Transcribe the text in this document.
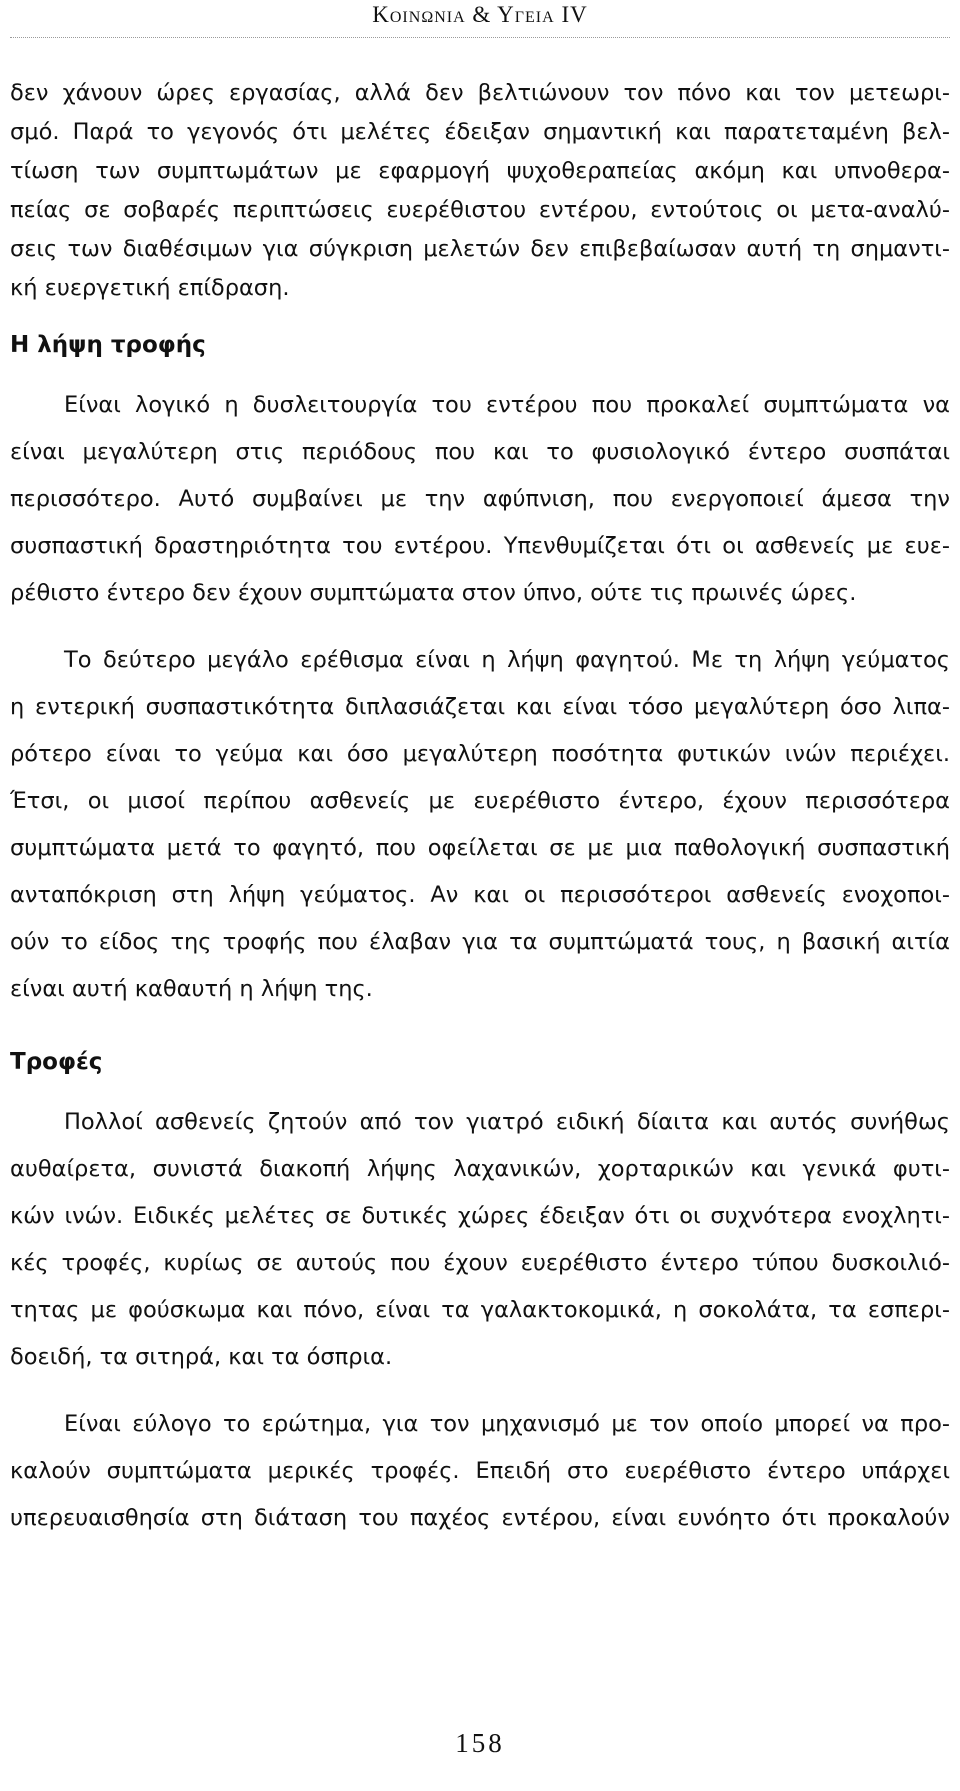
Κοινωνια & Υγεια IV
δεν χάνουν ώρες εργασίας, αλλά δεν βελτιώνουν τον πόνο και τον μετεωρι-
σμό. Παρά το γεγονός ότι μελέτες έδειξαν σημαντική και παρατεταμένη βελ-
τίωση των συμπτωμάτων με εφαρμογή ψυχοθεραπείας ακόμη και υπνοθερα-
πείας σε σοβαρές περιπτώσεις ευερέθιστου εντέρου, εντούτοις οι μετα-αναλύ-
σεις των διαθέσιμων για σύγκριση μελετών δεν επιβεβαίωσαν αυτή τη σημαντι-
κή ευεργετική επίδραση.
Η λήψη τροφής
Είναι λογικό η δυσλειτουργία του εντέρου που προκαλεί συμπτώματα να
είναι μεγαλύτερη στις περιόδους που και το φυσιολογικό έντερο συσπάται
περισσότερο. Αυτό συμβαίνει με την αφύπνιση, που ενεργοποιεί άμεσα την
συσπαστική δραστηριότητα του εντέρου. Υπενθυμίζεται ότι οι ασθενείς με ευε-
ρέθιστο έντερο δεν έχουν συμπτώματα στον ύπνο, ούτε τις πρωινές ώρες.
Το δεύτερο μεγάλο ερέθισμα είναι η λήψη φαγητού. Με τη λήψη γεύματος
η εντερική συσπαστικότητα διπλασιάζεται και είναι τόσο μεγαλύτερη όσο λιπα-
ρότερο είναι το γεύμα και όσο μεγαλύτερη ποσότητα φυτικών ινών περιέχει.
Έτσι, οι μισοί περίπου ασθενείς με ευερέθιστο έντερο, έχουν περισσότερα
συμπτώματα μετά το φαγητό, που οφείλεται σε με μια παθολογική συσπαστική
ανταπόκριση στη λήψη γεύματος. Αν και οι περισσότεροι ασθενείς ενοχοποι-
ούν το είδος της τροφής που έλαβαν για τα συμπτώματά τους, η βασική αιτία
είναι αυτή καθαυτή η λήψη της.
Τροφές
Πολλοί ασθενείς ζητούν από τον γιατρό ειδική δίαιτα και αυτός συνήθως
αυθαίρετα, συνιστά διακοπή λήψης λαχανικών, χορταρικών και γενικά φυτι-
κών ινών. Ειδικές μελέτες σε δυτικές χώρες έδειξαν ότι οι συχνότερα ενοχλητι-
κές τροφές, κυρίως σε αυτούς που έχουν ευερέθιστο έντερο τύπου δυσκοιλιό-
τητας με φούσκωμα και πόνο, είναι τα γαλακτοκομικά, η σοκολάτα, τα εσπερι-
δοειδή, τα σιτηρά, και τα όσπρια.
Είναι εύλογο το ερώτημα, για τον μηχανισμό με τον οποίο μπορεί να προ-
καλούν συμπτώματα μερικές τροφές. Επειδή στο ευερέθιστο έντερο υπάρχει
υπερευαισθησία στη διάταση του παχέος εντέρου, είναι ευνόητο ότι προκαλούν
158
